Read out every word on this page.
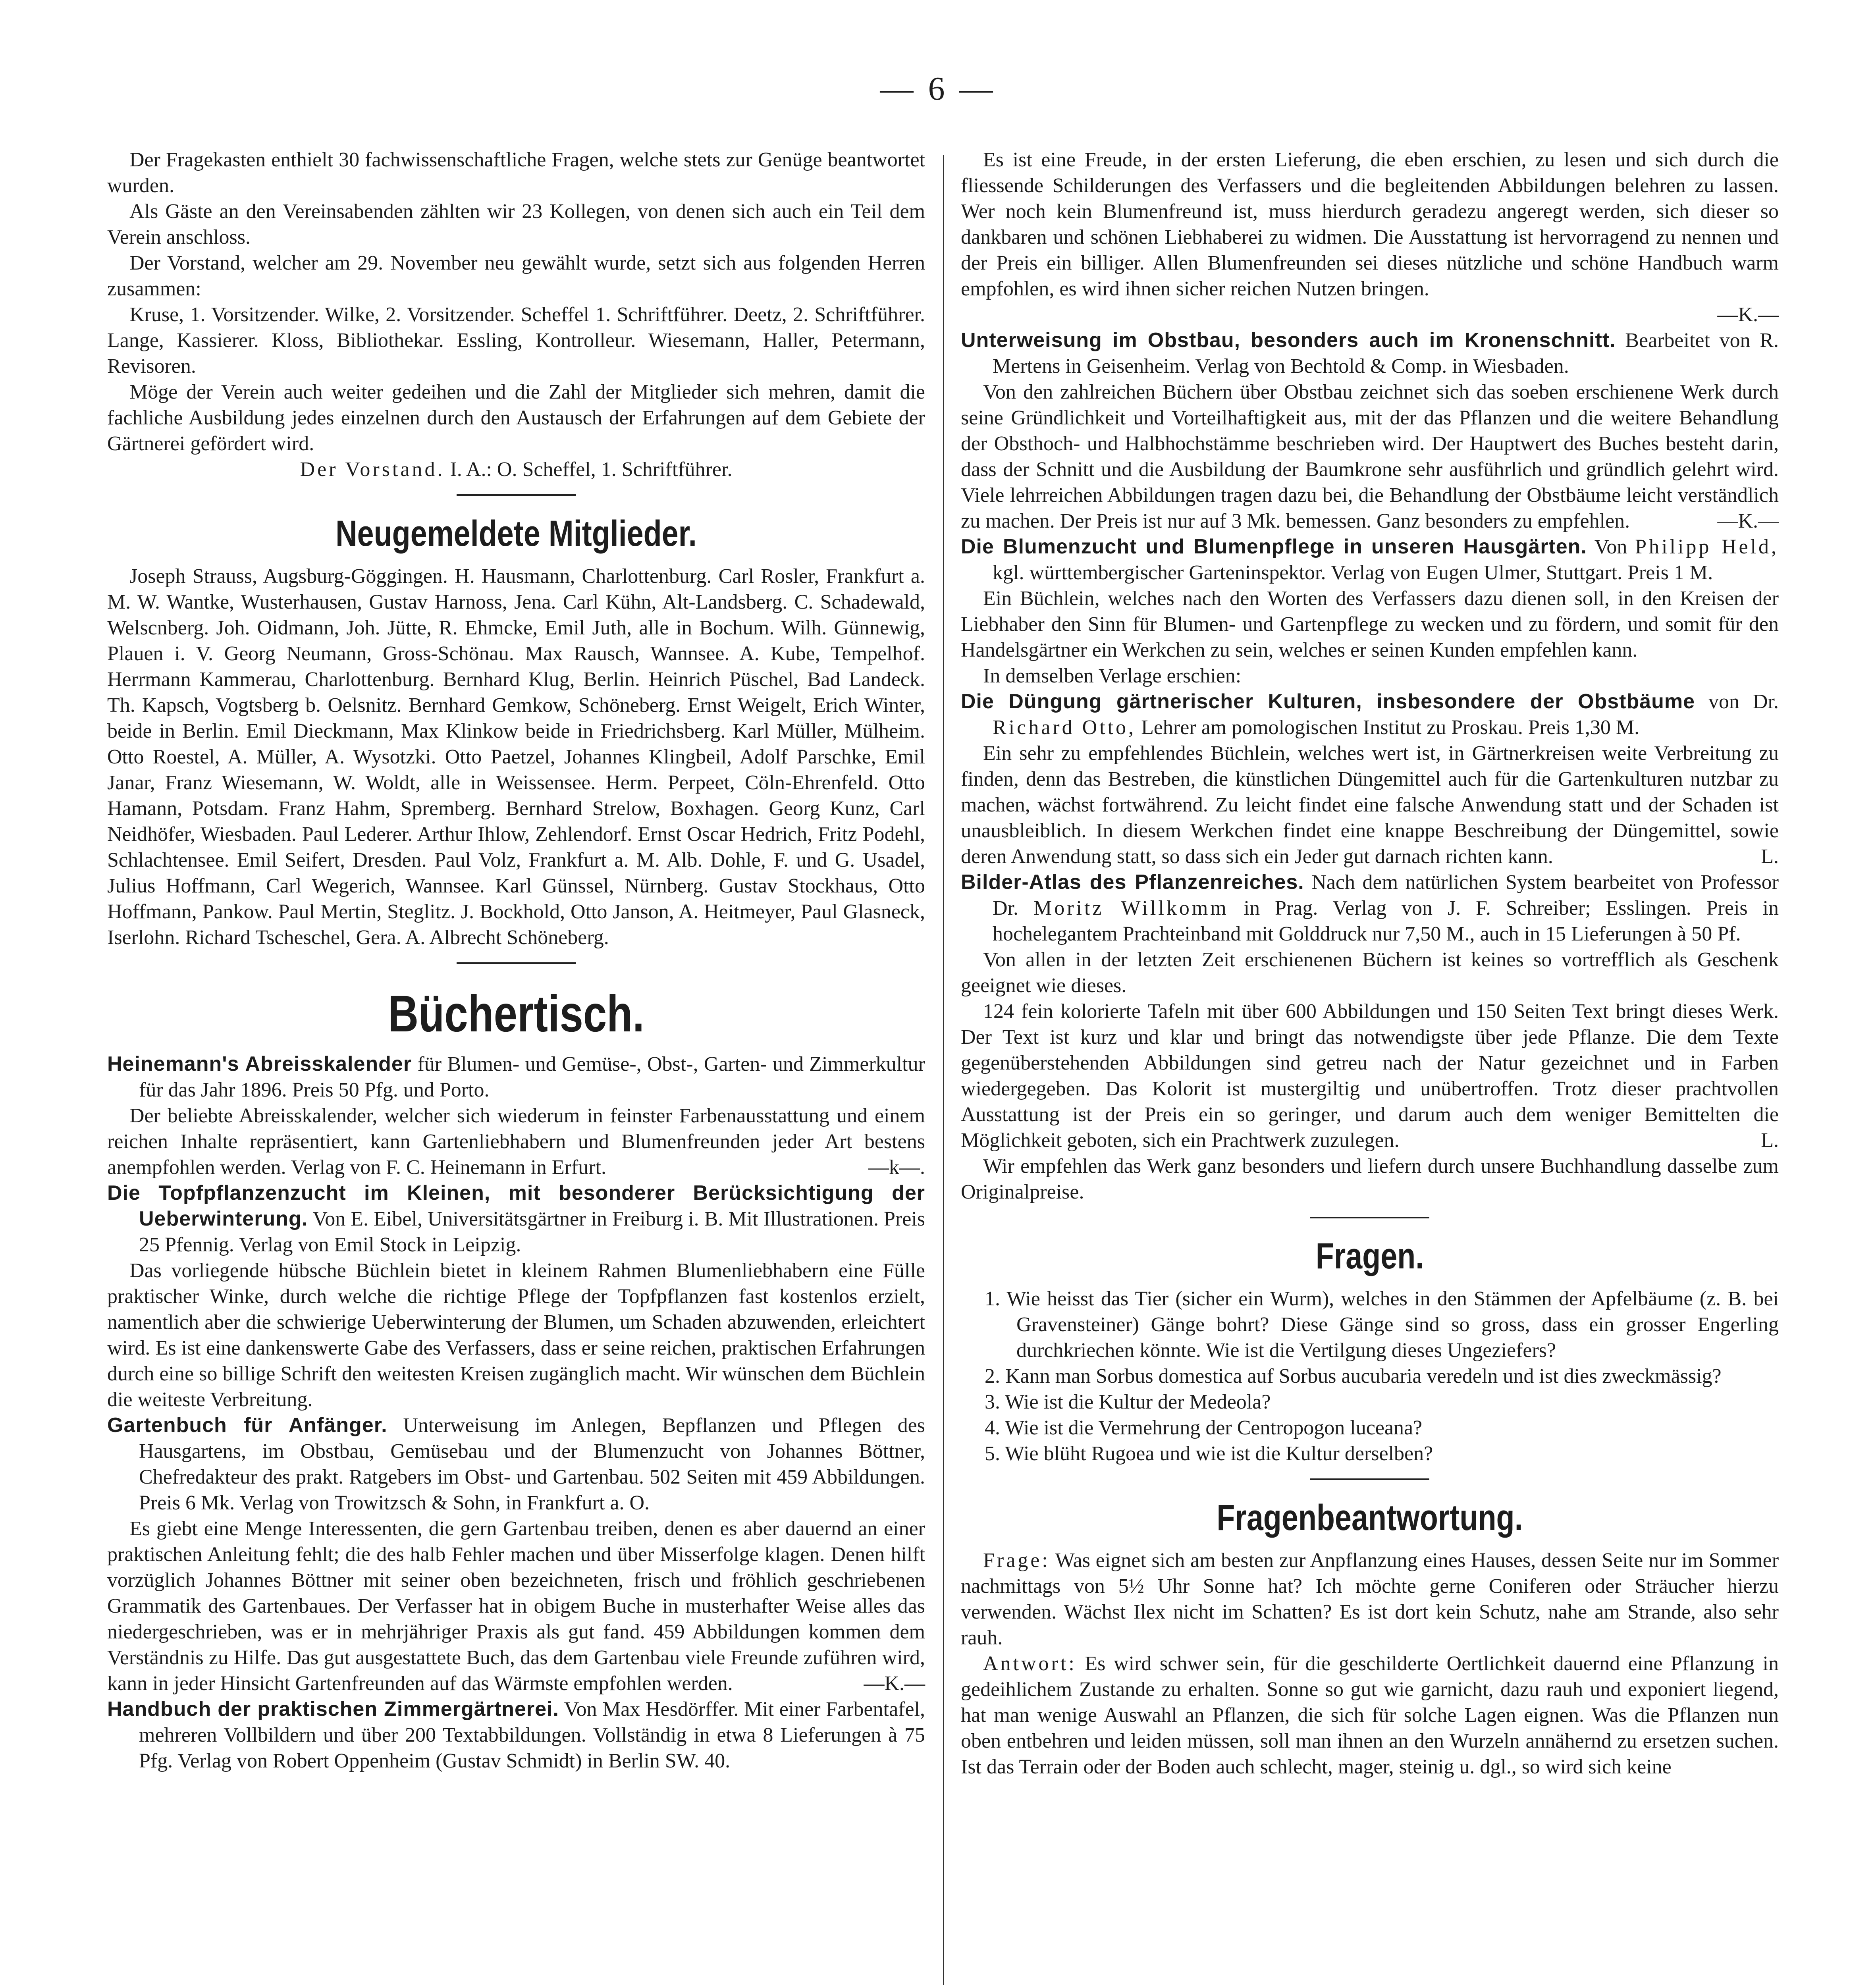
— 6 —

Der Fragekasten enthielt 30 fachwissenschaftliche Fragen, welche stets zur Genüge beantwortet wurden.

Als Gäste an den Vereinsabenden zählten wir 23 Kollegen, von denen sich auch ein Teil dem Verein anschloss.

Der Vorstand, welcher am 29. November neu gewählt wurde, setzt sich aus folgenden Herren zusammen:

Kruse, 1. Vorsitzender. Wilke, 2. Vorsitzender. Scheffel 1. Schriftführer. Deetz, 2. Schriftführer. Lange, Kassierer. Kloss, Bibliothekar. Essling, Kontrolleur. Wiesemann, Haller, Petermann, Revisoren.

Möge der Verein auch weiter gedeihen und die Zahl der Mitglieder sich mehren, damit die fachliche Ausbildung jedes einzelnen durch den Austausch der Erfahrungen auf dem Gebiete der Gärtnerei gefördert wird.

Der Vorstand. I. A.: O. Scheffel, 1. Schriftführer.

Neugemeldete Mitglieder.

Joseph Strauss, Augsburg-Göggingen. H. Hausmann, Charlottenburg. Carl Rosler, Frankfurt a. M. W. Wantke, Wusterhausen, Gustav Harnoss, Jena. Carl Kühn, Alt-Landsberg. C. Schadewald, Welscnberg. Joh. Oidmann, Joh. Jütte, R. Ehmcke, Emil Juth, alle in Bochum. Wilh. Günnewig, Plauen i. V. Georg Neumann, Gross-Schönau. Max Rausch, Wannsee. A. Kube, Tempelhof. Herrmann Kammerau, Charlottenburg. Bernhard Klug, Berlin. Heinrich Püschel, Bad Landeck. Th. Kapsch, Vogtsberg b. Oelsnitz. Bernhard Gemkow, Schöneberg. Ernst Weigelt, Erich Winter, beide in Berlin. Emil Dieckmann, Max Klinkow beide in Friedrichsberg. Karl Müller, Mülheim. Otto Roestel, A. Müller, A. Wysotzki. Otto Paetzel, Johannes Klingbeil, Adolf Parschke, Emil Janar, Franz Wiesemann, W. Woldt, alle in Weissensee. Herm. Perpeet, Cöln-Ehrenfeld. Otto Hamann, Potsdam. Franz Hahm, Spremberg. Bernhard Strelow, Boxhagen. Georg Kunz, Carl Neidhöfer, Wiesbaden. Paul Lederer. Arthur Ihlow, Zehlendorf. Ernst Oscar Hedrich, Fritz Podehl, Schlachtensee. Emil Seifert, Dresden. Paul Volz, Frankfurt a. M. Alb. Dohle, F. und G. Usadel, Julius Hoffmann, Carl Wegerich, Wannsee. Karl Günssel, Nürnberg. Gustav Stockhaus, Otto Hoffmann, Pankow. Paul Mertin, Steglitz. J. Bockhold, Otto Janson, A. Heitmeyer, Paul Glasneck, Iserlohn. Richard Tscheschel, Gera. A. Albrecht Schöneberg.

Büchertisch.

Heinemann's Abreisskalender für Blumen- und Gemüse-, Obst-, Garten- und Zimmerkultur für das Jahr 1896. Preis 50 Pfg. und Porto.

Der beliebte Abreisskalender, welcher sich wiederum in feinster Farbenausstattung und einem reichen Inhalte repräsentiert, kann Gartenliebhabern und Blumenfreunden jeder Art bestens anempfohlen werden. Verlag von F. C. Heinemann in Erfurt.	—k—.

Die Topfpflanzenzucht im Kleinen, mit besonderer Berücksichtigung der Ueberwinterung. Von E. Eibel, Universitätsgärtner in Freiburg i. B. Mit Illustrationen. Preis 25 Pfennig. Verlag von Emil Stock in Leipzig.

Das vorliegende hübsche Büchlein bietet in kleinem Rahmen Blumenliebhabern eine Fülle praktischer Winke, durch welche die richtige Pflege der Topfpflanzen fast kostenlos erzielt, namentlich aber die schwierige Ueberwinterung der Blumen, um Schaden abzuwenden, erleichtert wird. Es ist eine dankenswerte Gabe des Verfassers, dass er seine reichen, praktischen Erfahrungen durch eine so billige Schrift den weitesten Kreisen zugänglich macht. Wir wünschen dem Büchlein die weiteste Verbreitung.

Gartenbuch für Anfänger. Unterweisung im Anlegen, Bepflanzen und Pflegen des Hausgartens, im Obstbau, Gemüsebau und der Blumenzucht von Johannes Böttner, Chefredakteur des prakt. Ratgebers im Obst- und Gartenbau. 502 Seiten mit 459 Abbildungen. Preis 6 Mk. Verlag von Trowitzsch & Sohn, in Frankfurt a. O.

Es giebt eine Menge Interessenten, die gern Gartenbau treiben, denen es aber dauernd an einer praktischen Anleitung fehlt; die des halb Fehler machen und über Misserfolge klagen. Denen hilft vorzüglich Johannes Böttner mit seiner oben bezeichneten, frisch und fröhlich geschriebenen Grammatik des Gartenbaues. Der Verfasser hat in obigem Buche in musterhafter Weise alles das niedergeschrieben, was er in mehrjähriger Praxis als gut fand. 459 Abbildungen kommen dem Verständnis zu Hilfe. Das gut ausgestattete Buch, das dem Gartenbau viele Freunde zuführen wird, kann in jeder Hinsicht Gartenfreunden auf das Wärmste empfohlen werden.	—K.—

Handbuch der praktischen Zimmergärtnerei. Von Max Hesdörffer. Mit einer Farbentafel, mehreren Vollbildern und über 200 Textabbildungen. Vollständig in etwa 8 Lieferungen à 75 Pfg. Verlag von Robert Oppenheim (Gustav Schmidt) in Berlin SW. 40.

Es ist eine Freude, in der ersten Lieferung, die eben erschien, zu lesen und sich durch die fliessende Schilderungen des Verfassers und die begleitenden Abbildungen belehren zu lassen. Wer noch kein Blumenfreund ist, muss hierdurch geradezu angeregt werden, sich dieser so dankbaren und schönen Liebhaberei zu widmen. Die Ausstattung ist hervorragend zu nennen und der Preis ein billiger. Allen Blumenfreunden sei dieses nützliche und schöne Handbuch warm empfohlen, es wird ihnen sicher reichen Nutzen bringen.

—K.—

Unterweisung im Obstbau, besonders auch im Kronenschnitt. Bearbeitet von R. Mertens in Geisenheim. Verlag von Bechtold & Comp. in Wiesbaden.

Von den zahlreichen Büchern über Obstbau zeichnet sich das soeben erschienene Werk durch seine Gründlichkeit und Vorteilhaftigkeit aus, mit der das Pflanzen und die weitere Behandlung der Obsthoch- und Halbhochstämme beschrieben wird. Der Hauptwert des Buches besteht darin, dass der Schnitt und die Ausbildung der Baumkrone sehr ausführlich und gründlich gelehrt wird. Viele lehrreichen Abbildungen tragen dazu bei, die Behandlung der Obstbäume leicht verständlich zu machen. Der Preis ist nur auf 3 Mk. bemessen. Ganz besonders zu empfehlen.	—K.—

Die Blumenzucht und Blumenpflege in unseren Hausgärten. Von Philipp Held, kgl. württembergischer Garteninspektor. Verlag von Eugen Ulmer, Stuttgart. Preis 1 M.

Ein Büchlein, welches nach den Worten des Verfassers dazu dienen soll, in den Kreisen der Liebhaber den Sinn für Blumen- und Gartenpflege zu wecken und zu fördern, und somit für den Handelsgärtner ein Werkchen zu sein, welches er seinen Kunden empfehlen kann.

In demselben Verlage erschien:

Die Düngung gärtnerischer Kulturen, insbesondere der Obstbäume von Dr. Richard Otto, Lehrer am pomologischen Institut zu Proskau. Preis 1,30 M.

Ein sehr zu empfehlendes Büchlein, welches wert ist, in Gärtnerkreisen weite Verbreitung zu finden, denn das Bestreben, die künstlichen Düngemittel auch für die Gartenkulturen nutzbar zu machen, wächst fortwährend. Zu leicht findet eine falsche Anwendung statt und der Schaden ist unausbleiblich. In diesem Werkchen findet eine knappe Beschreibung der Düngemittel, sowie deren Anwendung statt, so dass sich ein Jeder gut darnach richten kann.	L.

Bilder-Atlas des Pflanzenreiches. Nach dem natürlichen System bearbeitet von Professor Dr. Moritz Willkomm in Prag. Verlag von J. F. Schreiber; Esslingen. Preis in hochelegantem Prachteinband mit Golddruck nur 7,50 M., auch in 15 Lieferungen à 50 Pf.

Von allen in der letzten Zeit erschienenen Büchern ist keines so vortrefflich als Geschenk geeignet wie dieses.

124 fein kolorierte Tafeln mit über 600 Abbildungen und 150 Seiten Text bringt dieses Werk. Der Text ist kurz und klar und bringt das notwendigste über jede Pflanze. Die dem Texte gegenüberstehenden Abbildungen sind getreu nach der Natur gezeichnet und in Farben wiedergegeben. Das Kolorit ist mustergiltig und unübertroffen. Trotz dieser prachtvollen Ausstattung ist der Preis ein so geringer, und darum auch dem weniger Bemittelten die Möglichkeit geboten, sich ein Prachtwerk zuzulegen.	L.

Wir empfehlen das Werk ganz besonders und liefern durch unsere Buchhandlung dasselbe zum Originalpreise.

Fragen.

1. Wie heisst das Tier (sicher ein Wurm), welches in den Stämmen der Apfelbäume (z. B. bei Gravensteiner) Gänge bohrt? Diese Gänge sind so gross, dass ein grosser Engerling durchkriechen könnte. Wie ist die Vertilgung dieses Ungeziefers?

2. Kann man Sorbus domestica auf Sorbus aucubaria veredeln und ist dies zweckmässig?

3. Wie ist die Kultur der Medeola?

4. Wie ist die Vermehrung der Centropogon luceana?

5. Wie blüht Rugoea und wie ist die Kultur derselben?

Fragenbeantwortung.

Frage: Was eignet sich am besten zur Anpflanzung eines Hauses, dessen Seite nur im Sommer nachmittags von 5½ Uhr Sonne hat? Ich möchte gerne Coniferen oder Sträucher hierzu verwenden. Wächst Ilex nicht im Schatten? Es ist dort kein Schutz, nahe am Strande, also sehr rauh.

Antwort: Es wird schwer sein, für die geschilderte Oertlichkeit dauernd eine Pflanzung in gedeihlichem Zustande zu erhalten. Sonne so gut wie garnicht, dazu rauh und exponiert liegend, hat man wenige Auswahl an Pflanzen, die sich für solche Lagen eignen. Was die Pflanzen nun oben entbehren und leiden müssen, soll man ihnen an den Wurzeln annähernd zu ersetzen suchen. Ist das Terrain oder der Boden auch schlecht, mager, steinig u. dgl., so wird sich keine
